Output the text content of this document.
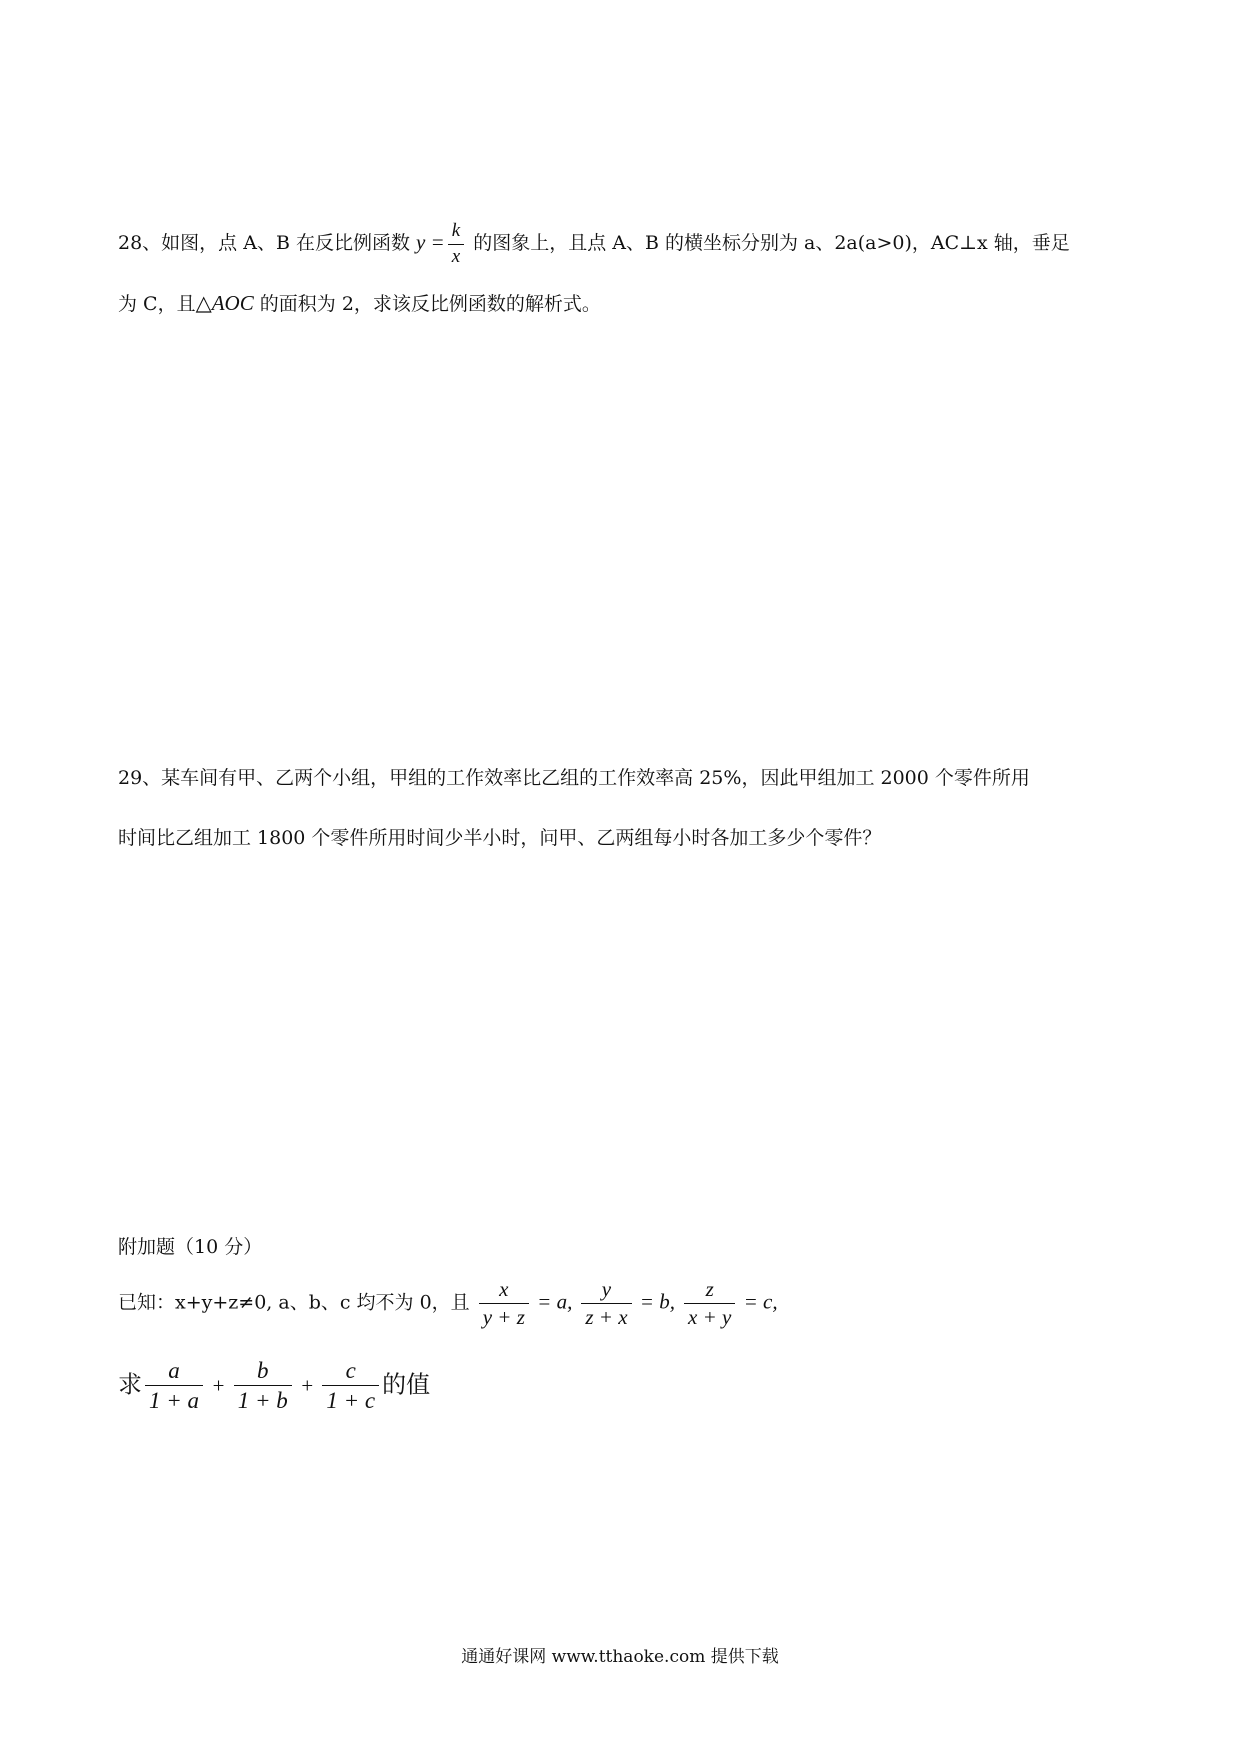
28、如图，点 A、B 在反比例函数 $y = \frac{k}{x}$ 的图象上，且点 A、B 的横坐标分别为 a、2a(a>0)，AC⊥x 轴，垂足
为 C，且△AOC 的面积为 2，求该反比例函数的解析式。
29、某车间有甲、乙两个小组，甲组的工作效率比乙组的工作效率高 25%，因此甲组加工 2000 个零件所用
时间比乙组加工 1800 个零件所用时间少半小时，问甲、乙两组每小时各加工多少个零件？
附加题（10 分）
已知：x+y+z≠0, a、b、c 均不为 0，且 $\frac{x}{y + z} = a$, $\frac{y}{z + x} = b$, $\frac{z}{x + y} = c$,
求 $\frac{a}{1 + a} + \frac{b}{1 + b} + \frac{c}{1 + c}$ 的值
通通好课网 www.tthaoke.com 提供下载
